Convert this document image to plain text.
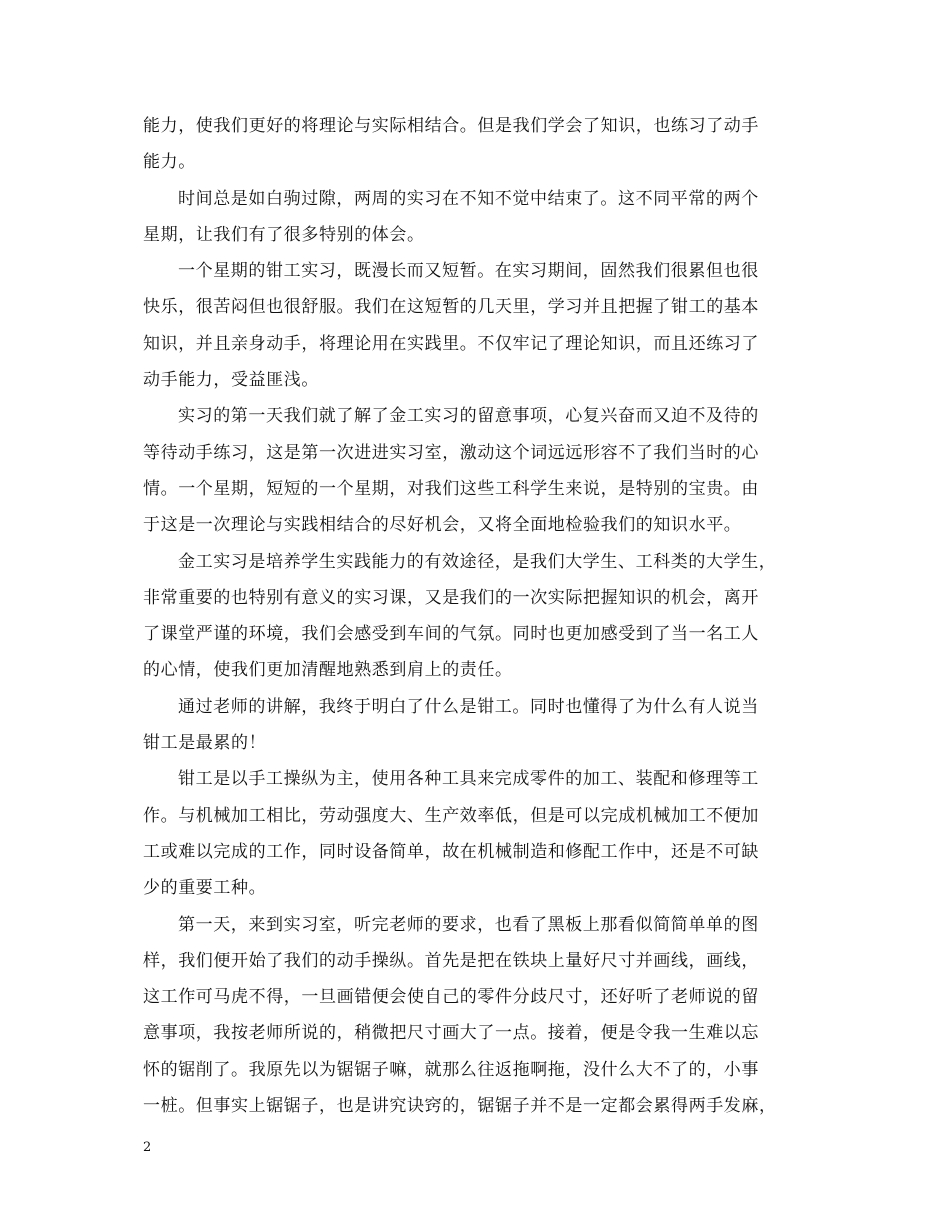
能力，使我们更好的将理论与实际相结合。但是我们学会了知识，也练习了动手
能力。
时间总是如白驹过隙，两周的实习在不知不觉中结束了。这不同平常的两个
星期，让我们有了很多特别的体会。
一个星期的钳工实习，既漫长而又短暂。在实习期间，固然我们很累但也很
快乐，很苦闷但也很舒服。我们在这短暂的几天里，学习并且把握了钳工的基本
知识，并且亲身动手，将理论用在实践里。不仅牢记了理论知识，而且还练习了
动手能力，受益匪浅。
实习的第一天我们就了解了金工实习的留意事项，心复兴奋而又迫不及待的
等待动手练习，这是第一次进进实习室，激动这个词远远形容不了我们当时的心
情。一个星期，短短的一个星期，对我们这些工科学生来说，是特别的宝贵。由
于这是一次理论与实践相结合的尽好机会，又将全面地检验我们的知识水平。
金工实习是培养学生实践能力的有效途径，是我们大学生、工科类的大学生，
非常重要的也特别有意义的实习课，又是我们的一次实际把握知识的机会，离开
了课堂严谨的环境，我们会感受到车间的气氛。同时也更加感受到了当一名工人
的心情，使我们更加清醒地熟悉到肩上的责任。
通过老师的讲解，我终于明白了什么是钳工。同时也懂得了为什么有人说当
钳工是最累的！
钳工是以手工操纵为主，使用各种工具来完成零件的加工、装配和修理等工
作。与机械加工相比，劳动强度大、生产效率低，但是可以完成机械加工不便加
工或难以完成的工作，同时设备简单，故在机械制造和修配工作中，还是不可缺
少的重要工种。
第一天，来到实习室，听完老师的要求，也看了黑板上那看似简简单单的图
样，我们便开始了我们的动手操纵。首先是把在铁块上量好尺寸并画线，画线，
这工作可马虎不得，一旦画错便会使自己的零件分歧尺寸，还好听了老师说的留
意事项，我按老师所说的，稍微把尺寸画大了一点。接着，便是令我一生难以忘
怀的锯削了。我原先以为锯锯子嘛，就那么往返拖啊拖，没什么大不了的，小事
一桩。但事实上锯锯子，也是讲究诀窍的，锯锯子并不是一定都会累得两手发麻，
2
